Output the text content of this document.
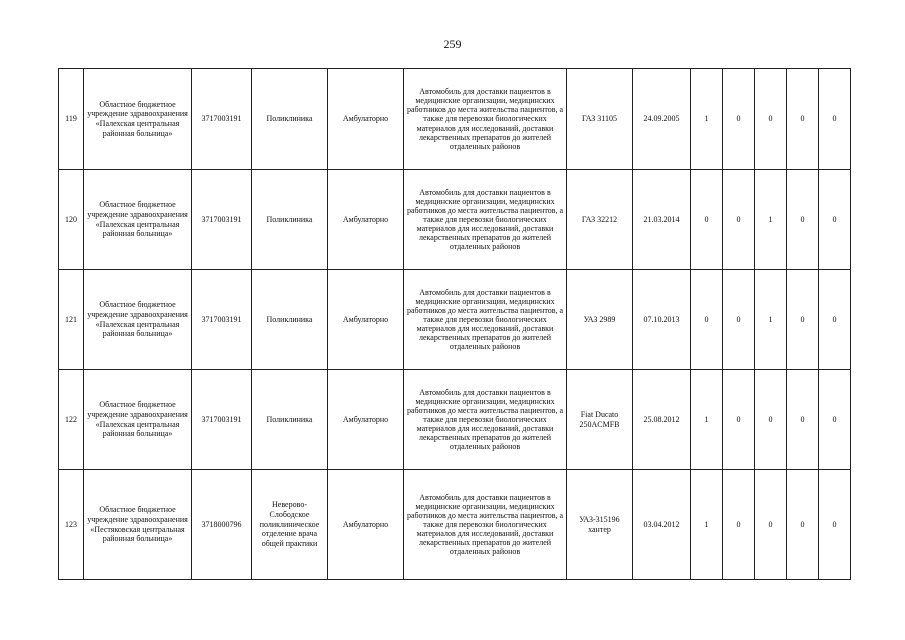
259
119	Областное бюджетное учреждение здравоохранения «Палехская центральная районная больница»	3717003191	Поликлиника	Амбулаторно	Автомобиль для доставки пациентов в медицинские организации, медицинских работников до места жительства пациентов, а также для перевозки биологических материалов для исследований, доставки лекарственных препаратов до жителей отдаленных районов	ГАЗ 31105	24.09.2005	1	0	0	0	0
120	Областное бюджетное учреждение здравоохранения «Палехская центральная районная больница»	3717003191	Поликлиника	Амбулаторно	Автомобиль для доставки пациентов в медицинские организации, медицинских работников до места жительства пациентов, а также для перевозки биологических материалов для исследований, доставки лекарственных препаратов до жителей отдаленных районов	ГАЗ 32212	21.03.2014	0	0	1	0	0
121	Областное бюджетное учреждение здравоохранения «Палехская центральная районная больница»	3717003191	Поликлиника	Амбулаторно	Автомобиль для доставки пациентов в медицинские организации, медицинских работников до места жительства пациентов, а также для перевозки биологических материалов для исследований, доставки лекарственных препаратов до жителей отдаленных районов	УАЗ 2989	07.10.2013	0	0	1	0	0
122	Областное бюджетное учреждение здравоохранения «Палехская центральная районная больница»	3717003191	Поликлиника	Амбулаторно	Автомобиль для доставки пациентов в медицинские организации, медицинских работников до места жительства пациентов, а также для перевозки биологических материалов для исследований, доставки лекарственных препаратов до жителей отдаленных районов	Fiat Ducato 250ACMFB	25.08.2012	1	0	0	0	0
123	Областное бюджетное учреждение здравоохранения «Пестяковская центральная районная больница»	3718000796	Неверово-Слободское поликлиническое отделение врача общей практики	Амбулаторно	Автомобиль для доставки пациентов в медицинские организации, медицинских работников до места жительства пациентов, а также для перевозки биологических материалов для исследований, доставки лекарственных препаратов до жителей отдаленных районов	УАЗ-315196 хантер	03.04.2012	1	0	0	0	0
